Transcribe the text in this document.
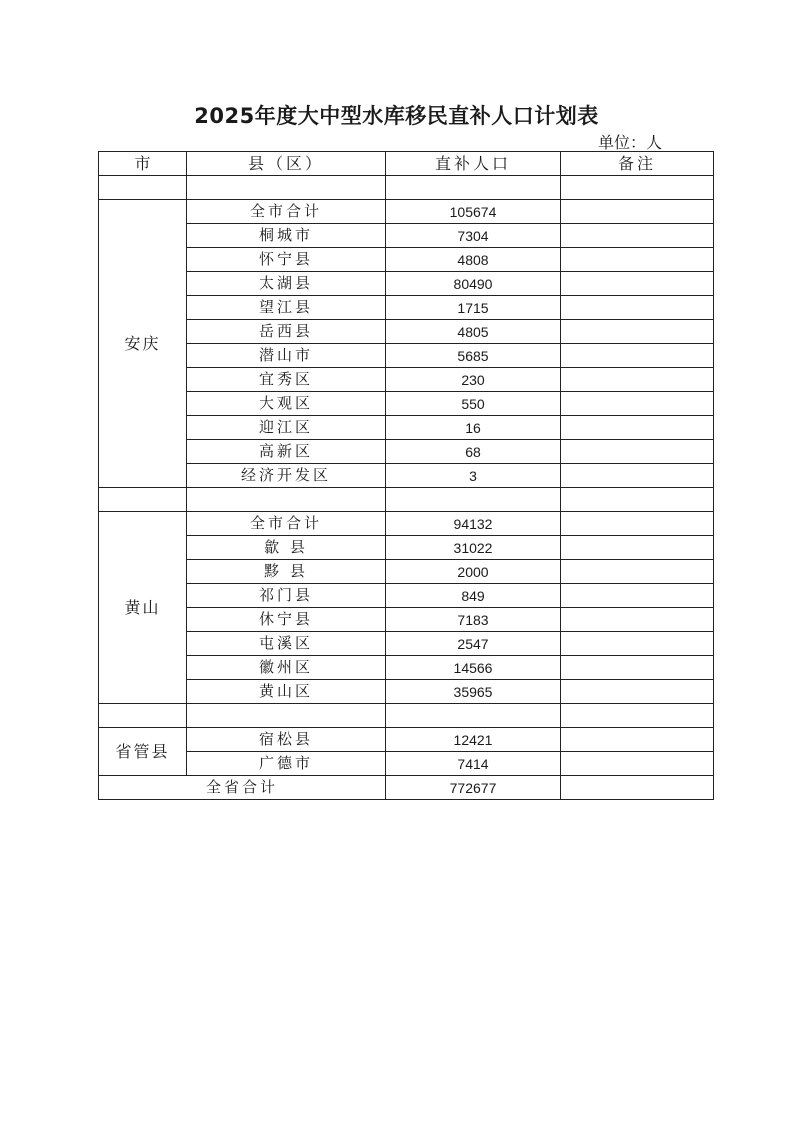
2025年度大中型水库移民直补人口计划表
单位：人
市	县（区）	直补人口	备注

安庆	全市合计	105674	
	桐城市	7304	
	怀宁县	4808	
	太湖县	80490	
	望江县	1715	
	岳西县	4805	
	潜山市	5685	
	宜秀区	230	
	大观区	550	
	迎江区	16	
	高新区	68	
	经济开发区	3	

黄山	全市合计	94132	
	歙 县	31022	
	黟 县	2000	
	祁门县	849	
	休宁县	7183	
	屯溪区	2547	
	徽州区	14566	
	黄山区	35965	

省管县	宿松县	12421	
	广德市	7414	
全省合计		772677	
